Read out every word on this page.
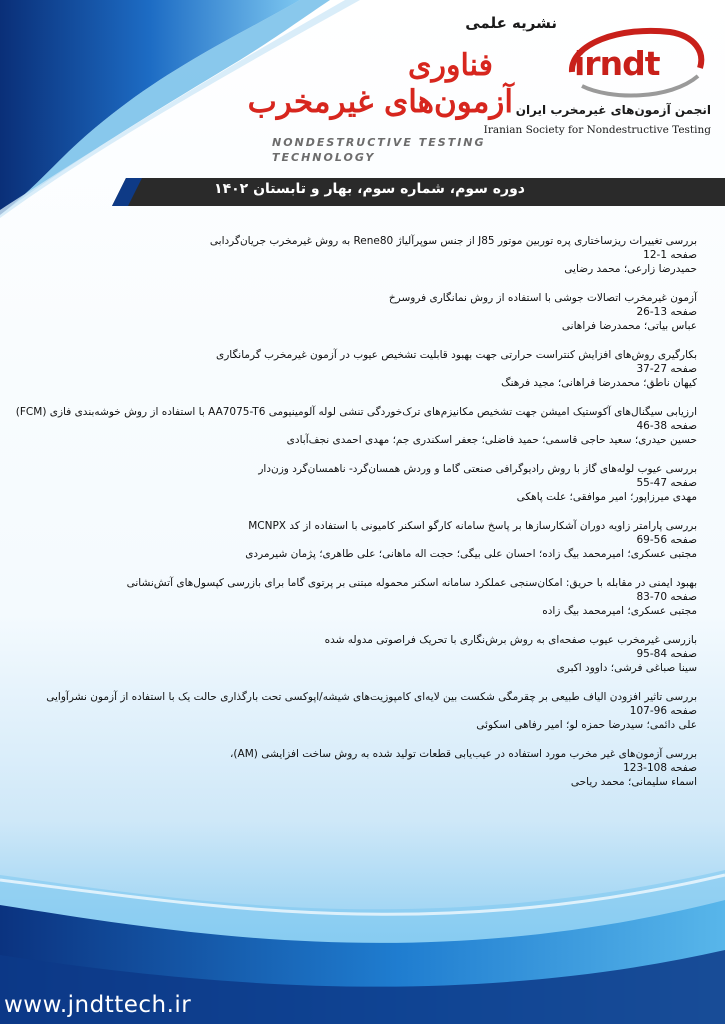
نشریه علمی
فناوری
آزمون‌های غیرمخرب
NONDESTRUCTIVE TESTING
TECHNOLOGY
irndt
انجمن آزمون‌های غیرمخرب ایران
Iranian Society for Nondestructive Testing
دوره سوم، شماره سوم، بهار و تابستان ۱۴۰۲
بررسی تغییرات ریزساختاری پره توربین موتور J85 از جنس سوپرآلیاژ Rene80 به روش غیرمخرب جریان‌گردابی
صفحه 1-12
حمیدرضا زارعی؛ محمد رضایی
آزمون غیرمخرب اتصالات جوشی با استفاده از روش نمانگاری فروسرخ
صفحه 13-26
عباس بیاتی؛ محمدرضا فراهانی
بکارگیری روش‌های افزایش کنتراست حرارتی جهت بهبود قابلیت تشخیص عیوب در آزمون غیرمخرب گرمانگاری
صفحه 27-37
کیهان ناطق؛ محمدرضا فراهانی؛ مجید فرهنگ
ارزیابی سیگنال‌های آکوستیک امیشن جهت تشخیص مکانیزم‌های ترک‌خوردگی تنشی لوله آلومینیومی AA7075-T6 با استفاده از روش خوشه‌بندی فازی (FCM)
صفحه 38-46
حسین حیدری؛ سعید حاجی قاسمی؛ حمید فاضلی؛ جعفر اسکندری جم؛ مهدی احمدی نجف‌آبادی
بررسی عیوب لوله‌های گاز با روش رادیوگرافی صنعتی گاما و وردش همسان‌گرد- ناهمسان‌گرد وزن‌دار
صفحه 47-55
مهدی میرزاپور؛ امیر موافقی؛ علت پاهکی
بررسی پارامتر زاویه دوران آشکارسازها بر پاسخ سامانه کارگو اسکنر کامیونی با استفاده از کد MCNPX
صفحه 56-69
مجتبی عسکری؛ امیرمحمد بیگ زاده؛ احسان علی بیگی؛ حجت اله ماهانی؛ علی طاهری؛ پژمان شیرمردی
بهبود ایمنی در مقابله با حریق: امکان‌سنجی عملکرد سامانه اسکنر محموله مبتنی بر پرتوی گاما برای بازرسی کپسول‌های آتش‌نشانی
صفحه 70-83
مجتبی عسکری؛ امیرمحمد بیگ زاده
بازرسی غیرمخرب عیوب صفحه‌ای به روش برش‌نگاری با تحریک فراصوتی مدوله شده
صفحه 84-95
سینا صباغی فرشی؛ داوود اکبری
بررسی تاثیر افزودن الیاف طبیعی بر چقرمگی شکست بین لایه‌ای کامپوزیت‌های شیشه/اپوکسی تحت بارگذاری حالت یک با استفاده از آزمون نشرآوایی
صفحه 96-107
علی دائمی؛ سیدرضا حمزه لو؛ امیر رفاهی اسکوئی
بررسی آزمون‌های غیر مخرب مورد استفاده در عیب‌یابی قطعات تولید شده به روش ساخت افزایشی (AM)،
صفحه 108-123
اسماء سلیمانی؛ محمد ریاحی
www.jndttech.ir
